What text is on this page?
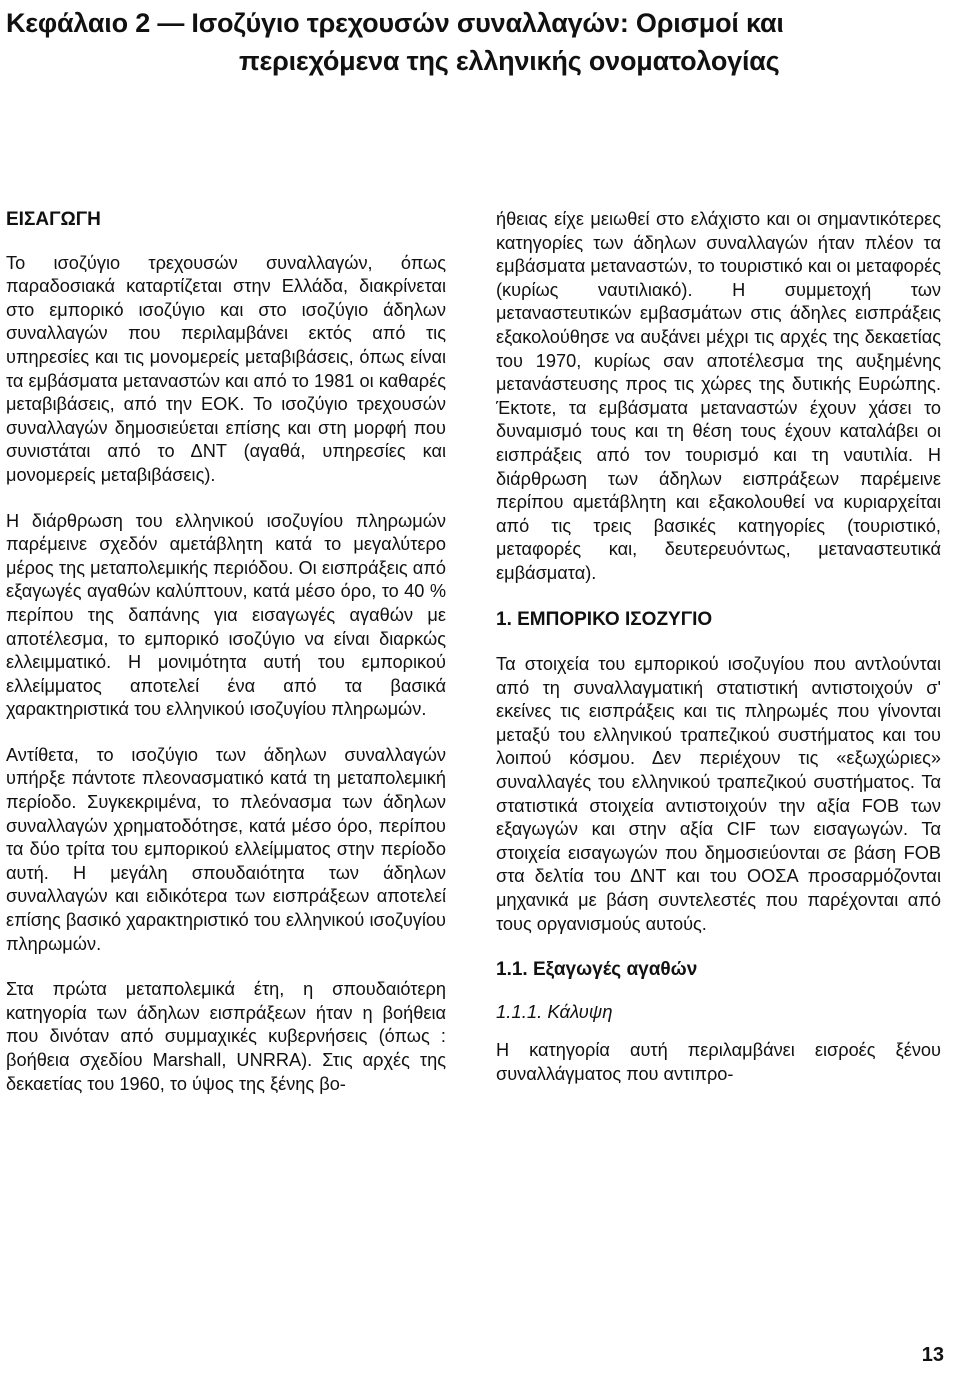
Κεφάλαιο 2 — Ισοζύγιο τρεχουσών συναλλαγών: Ορισμοί και
περιεχόμενα της ελληνικής ονοματολογίας
ΕΙΣΑΓΩΓΗ

Το ισοζύγιο τρεχουσών συναλλαγών, όπως παραδοσιακά καταρτίζεται στην Ελλάδα, διακρίνεται στο εμπορικό ισοζύγιο και στο ισοζύγιο άδηλων συναλλαγών που περιλαμβάνει εκτός από τις υπηρεσίες και τις μονομερείς μεταβιβάσεις, όπως είναι τα εμβάσματα μεταναστών και από το 1981 οι καθαρές μεταβιβάσεις, από την ΕΟΚ. Το ισοζύγιο τρεχουσών συναλλαγών δημοσιεύεται επίσης και στη μορφή που συνιστάται από το ΔΝΤ (αγαθά, υπηρεσίες και μονομερείς μεταβιβάσεις).

Η διάρθρωση του ελληνικού ισοζυγίου πληρωμών παρέμεινε σχεδόν αμετάβλητη κατά το μεγαλύτερο μέρος της μεταπολεμικής περιόδου. Οι εισπράξεις από εξαγωγές αγαθών καλύπτουν, κατά μέσο όρο, το 40 % περίπου της δαπάνης για εισαγωγές αγαθών με αποτέλεσμα, το εμπορικό ισοζύγιο να είναι διαρκώς ελλειμματικό. Η μονιμότητα αυτή του εμπορικού ελλείμματος αποτελεί ένα από τα βασικά χαρακτηριστικά του ελληνικού ισοζυγίου πληρωμών.

Αντίθετα, το ισοζύγιο των άδηλων συναλλαγών υπήρξε πάντοτε πλεονασματικό κατά τη μεταπολεμική περίοδο. Συγκεκριμένα, το πλεόνασμα των άδηλων συναλλαγών χρηματοδότησε, κατά μέσο όρο, περίπου τα δύο τρίτα του εμπορικού ελλείμματος στην περίοδο αυτή. Η μεγάλη σπουδαιότητα των άδηλων συναλλαγών και ειδικότερα των εισπράξεων αποτελεί επίσης βασικό χαρακτηριστικό του ελληνικού ισοζυγίου πληρωμών.

Στα πρώτα μεταπολεμικά έτη, η σπουδαιότερη κατηγορία των άδηλων εισπράξεων ήταν η βοήθεια που δινόταν από συμμαχικές κυβερνήσεις (όπως : βοήθεια σχεδίου Marshall, UNRRA). Στις αρχές της δεκαετίας του 1960, το ύψος της ξένης βο-

ήθειας είχε μειωθεί στο ελάχιστο και οι σημαντικότερες κατηγορίες των άδηλων συναλλαγών ήταν πλέον τα εμβάσματα μεταναστών, το τουριστικό και οι μεταφορές (κυρίως ναυτιλιακό). Η συμμετοχή των μεταναστευτικών εμβασμάτων στις άδηλες εισπράξεις εξακολούθησε να αυξάνει μέχρι τις αρχές της δεκαετίας του 1970, κυρίως σαν αποτέλεσμα της αυξημένης μετανάστευσης προς τις χώρες της δυτικής Ευρώπης. Έκτοτε, τα εμβάσματα μεταναστών έχουν χάσει το δυναμισμό τους και τη θέση τους έχουν καταλάβει οι εισπράξεις από τον τουρισμό και τη ναυτιλία. Η διάρθρωση των άδηλων εισπράξεων παρέμεινε περίπου αμετάβλητη και εξακολουθεί να κυριαρχείται από τις τρεις βασικές κατηγορίες (τουριστικό, μεταφορές και, δευτερευόντως, μεταναστευτικά εμβάσματα).

1. ΕΜΠΟΡΙΚΟ ΙΣΟΖΥΓΙΟ

Τα στοιχεία του εμπορικού ισοζυγίου που αντλούνται από τη συναλλαγματική στατιστική αντιστοιχούν σ' εκείνες τις εισπράξεις και τις πληρωμές που γίνονται μεταξύ του ελληνικού τραπεζικού συστήματος και του λοιπού κόσμου. Δεν περιέχουν τις «εξωχώριες» συναλλαγές του ελληνικού τραπεζικού συστήματος. Τα στατιστικά στοιχεία αντιστοιχούν την αξία FOB των εξαγωγών και στην αξία CIF των εισαγωγών. Τα στοιχεία εισαγωγών που δημοσιεύονται σε βάση FOB στα δελτία του ΔΝΤ και του ΟΟΣΑ προσαρμόζονται μηχανικά με βάση συντελεστές που παρέχονται από τους οργανισμούς αυτούς.

1.1. Εξαγωγές αγαθών
1.1.1. Κάλυψη

Η κατηγορία αυτή περιλαμβάνει εισροές ξένου συναλλάγματος που αντιπρο-

13
